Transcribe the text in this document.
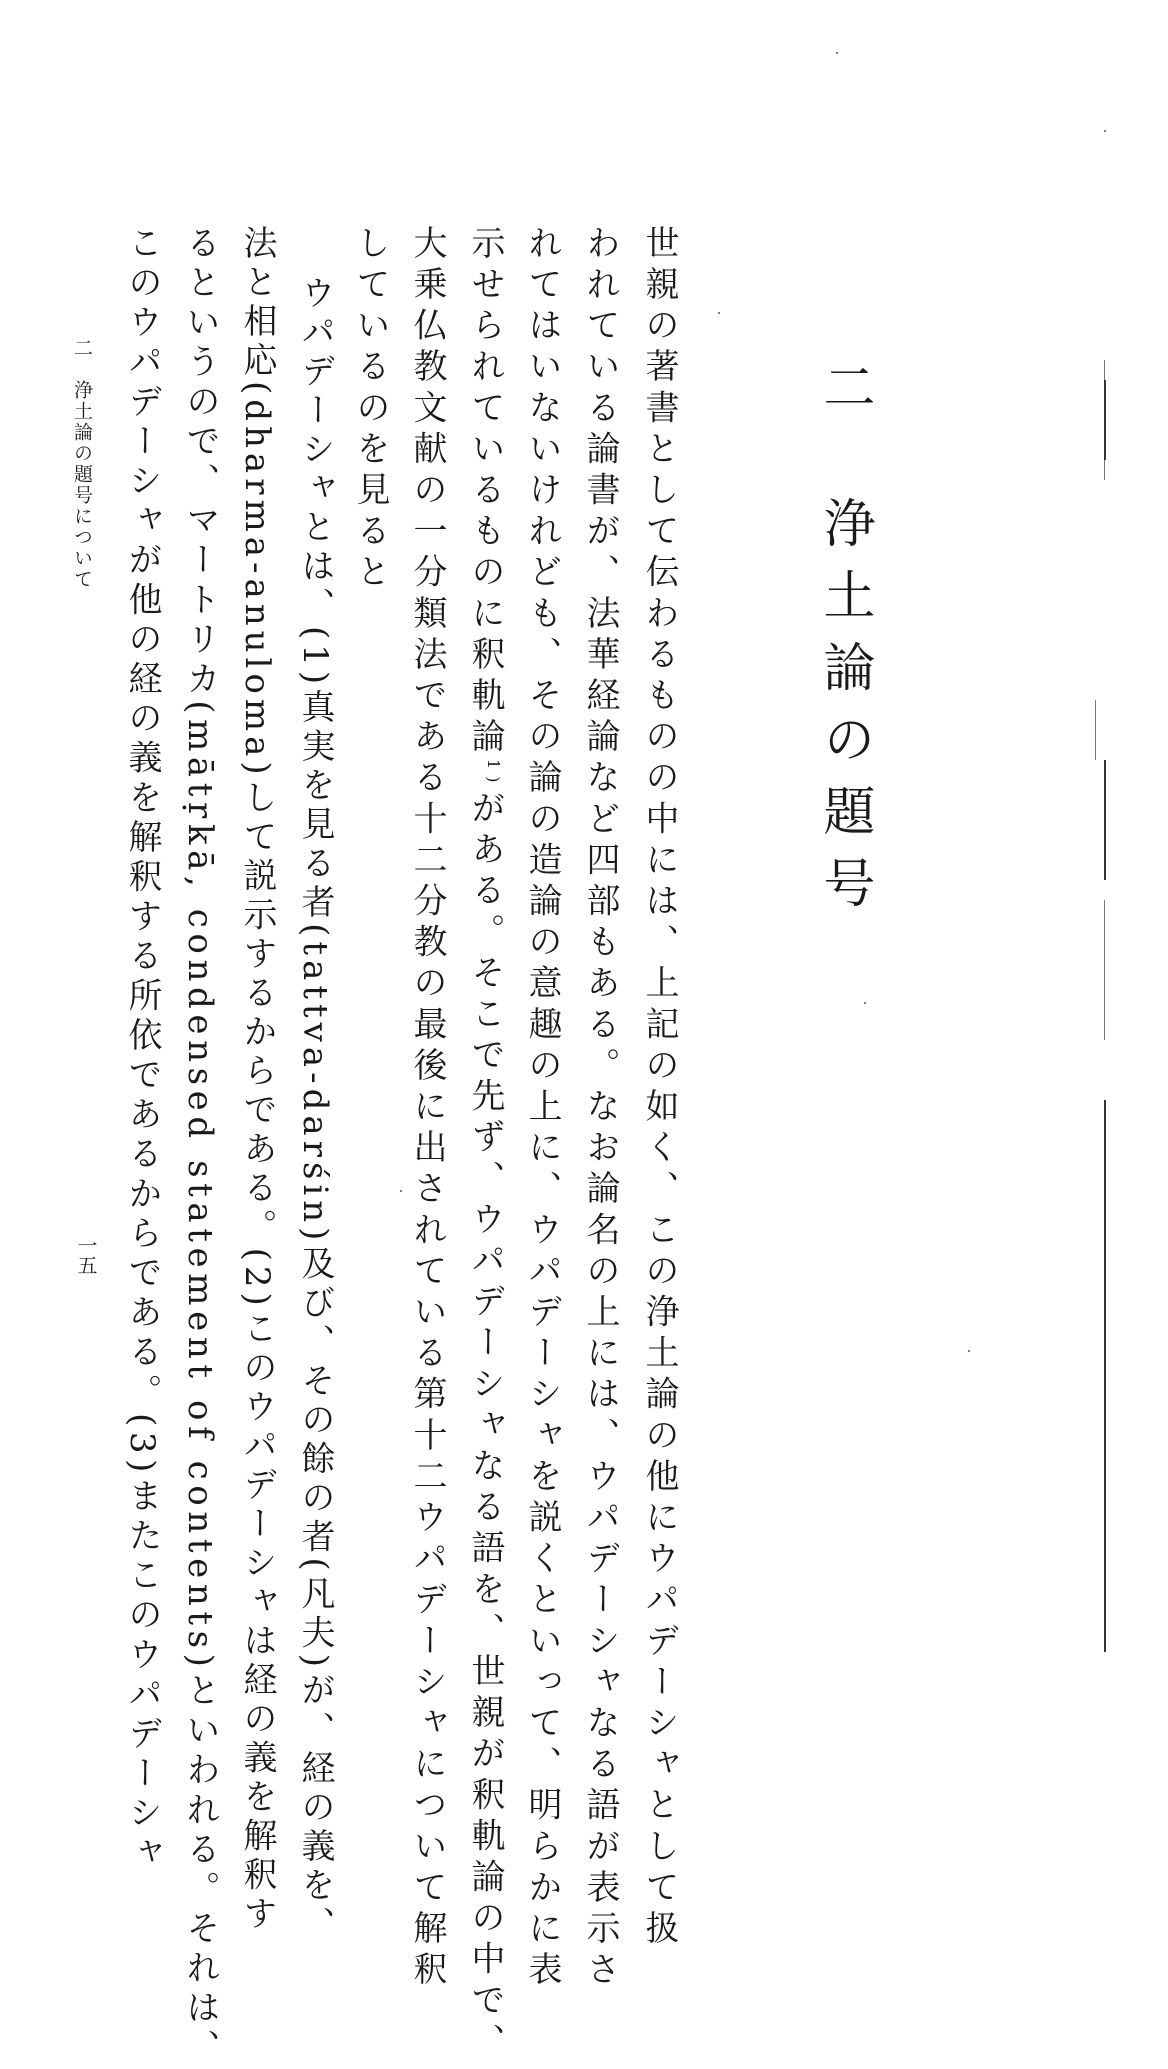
二浄土論の題号
世親の著書として伝わるものの中には、上記の如く、この浄土論の他にウパデーシャとして扱
われている論書が、法華経論など四部もある。なお論名の上には、ウパデーシャなる語が表示さ
れてはいないけれども、その論の造論の意趣の上に、ウパデーシャを説くといって、明らかに表
示せられているものに釈軌論1)がある。そこで先ず、ウパデーシャなる語を、世親が釈軌論の中で、
大乗仏教文献の一分類法である十二分教の最後に出されている第十二ウパデーシャについて解釈
しているのを見ると
ウパデーシャとは、(1)真実を見る者(tattva-darśin)及び、その餘の者(凡夫)が、経の義を、
法と相応(dharma-anuloma)して説示するからである。(2)このウパデーシャは経の義を解釈す
るというので、マートリカ(mātṛkā, condensed statement of contents)といわれる。それは、
このウパデーシャが他の経の義を解釈する所依であるからである。(3)またこのウパデーシャ
二　浄土論の題号について
一五
